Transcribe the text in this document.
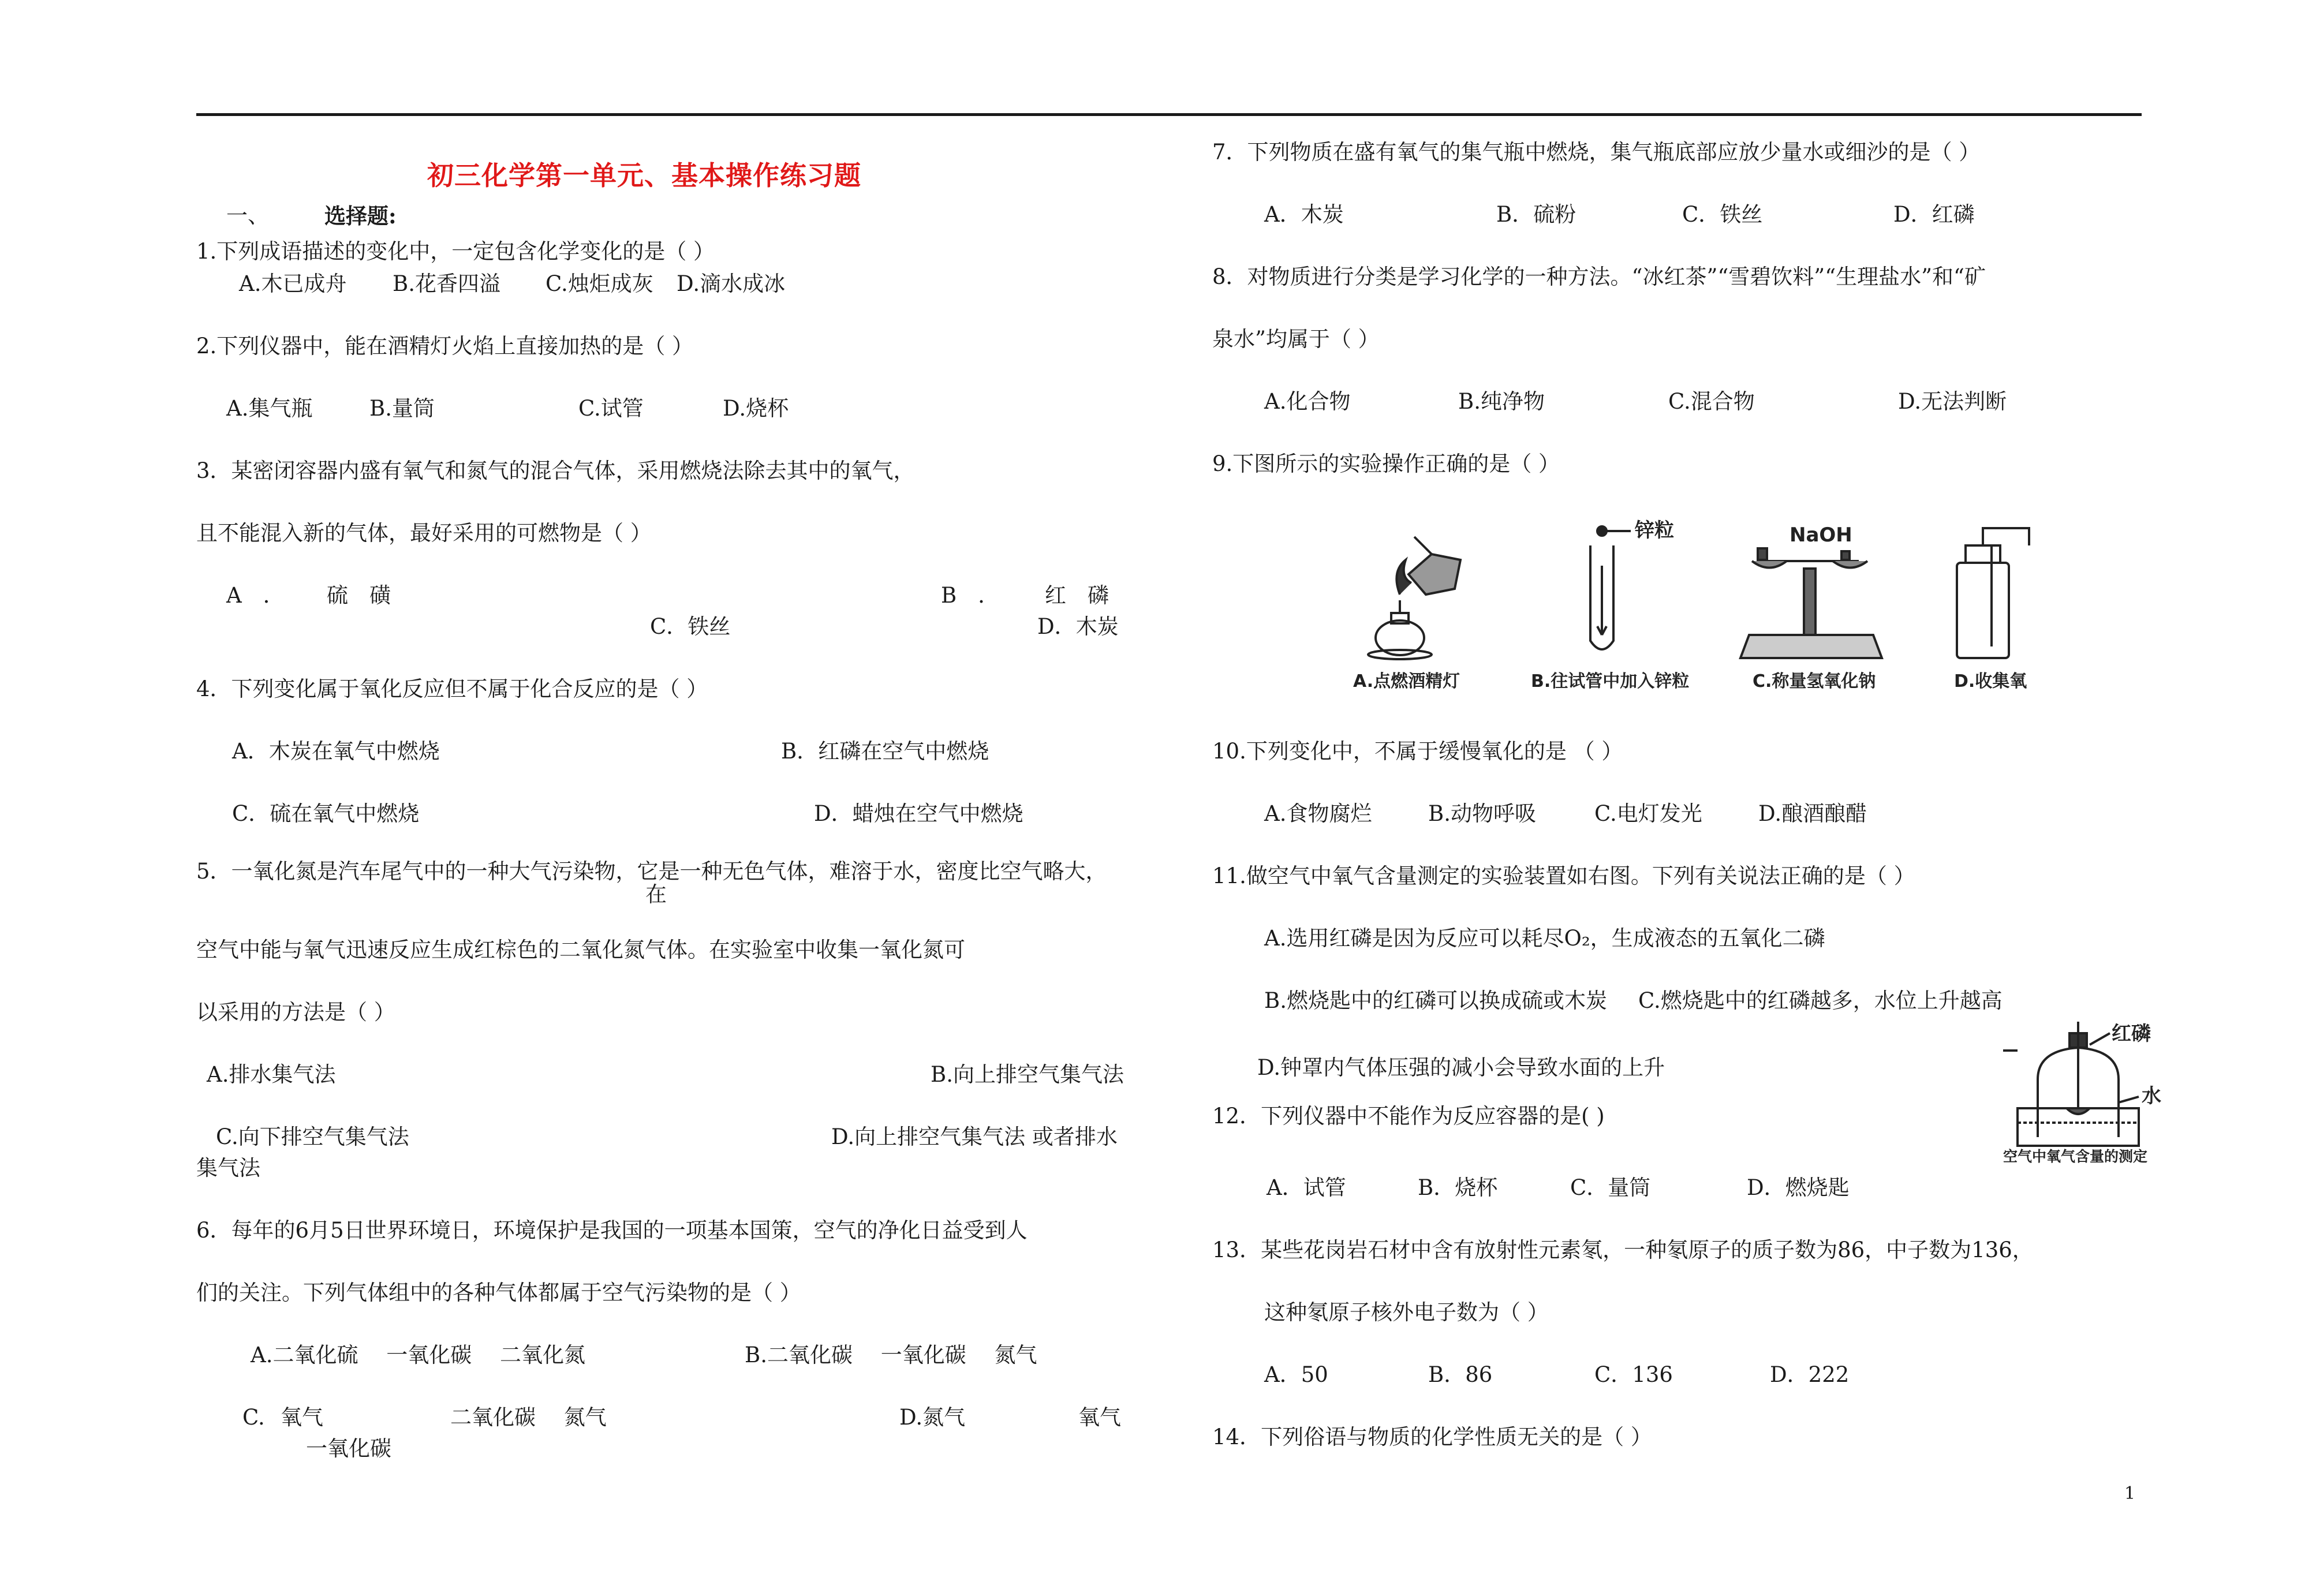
初三化学第一单元、基本操作练习题
一、	选择题:
1.下列成语描述的变化中，一定包含化学变化的是（ ）
A.木已成舟 B.花香四溢 C.烛炬成灰 D.滴水成冰
2.下列仪器中，能在酒精灯火焰上直接加热的是（ ）
A.集气瓶	B.量筒	C.试管	D.烧杯
3．某密闭容器内盛有氧气和氮气的混合气体，采用燃烧法除去其中的氧气，
且不能混入新的气体，最好采用的可燃物是（ ）
A　． 硫　磺	B　． 红　磷
C．铁丝	D．木炭
4．下列变化属于氧化反应但不属于化合反应的是（ ）
A．木炭在氧气中燃烧	B．红磷在空气中燃烧
C．硫在氧气中燃烧	D．蜡烛在空气中燃烧
5．一氧化氮是汽车尾气中的一种大气污染物，它是一种无色气体，难溶于水，密度比空气略大，
在
空气中能与氧气迅速反应生成红棕色的二氧化氮气体。在实验室中收集一氧化氮可
以采用的方法是（ ）
A.排水集气法	B.向上排空气集气法
C.向下排空气集气法	D.向上排空气集气法 或者排水
集气法
6．每年的6月5日世界环境日，环境保护是我国的一项基本国策，空气的净化日益受到人
们的关注。下列气体组中的各种气体都属于空气污染物的是（ ）
A.二氧化硫　 一氧化碳　 二氧化氮	B.二氧化碳　 一氧化碳　 氮气
C. 氧气	二氧化碳　 氮气	D.氮气	氧气
一氧化碳
7．下列物质在盛有氧气的集气瓶中燃烧，集气瓶底部应放少量水或细沙的是（ ）
A．木炭	B．硫粉	C．铁丝	D．红磷
8．对物质进行分类是学习化学的一种方法。“冰红茶”“雪碧饮料”“生理盐水”和“矿
泉水”均属于（ ）
A.化合物	B.纯净物	C.混合物	D.无法判断
9.下图所示的实验操作正确的是（ ）
锌粒	NaOH
A.点燃酒精灯	B.往试管中加入锌粒	C.称量氢氧化钠	D.收集氧
10.下列变化中，不属于缓慢氧化的是 （ ）
A.食物腐烂	B.动物呼吸	C.电灯发光	D.酿酒酿醋
11.做空气中氧气含量测定的实验装置如右图。下列有关说法正确的是（ ）
A.选用红磷是因为反应可以耗尽O₂，生成液态的五氧化二磷
B.燃烧匙中的红磷可以换成硫或木炭 C.燃烧匙中的红磷越多，水位上升越高
D.钟罩内气体压强的减小会导致水面的上升
红磷
水
空气中氧气含量的测定
12．下列仪器中不能作为反应容器的是( )
A．试管	B．烧杯	C．量筒	D．燃烧匙
13．某些花岗岩石材中含有放射性元素氡，一种氡原子的质子数为86，中子数为136，
这种氡原子核外电子数为（ ）
A．50	B．86	C．136	D．222
14．下列俗语与物质的化学性质无关的是（ ）
1
